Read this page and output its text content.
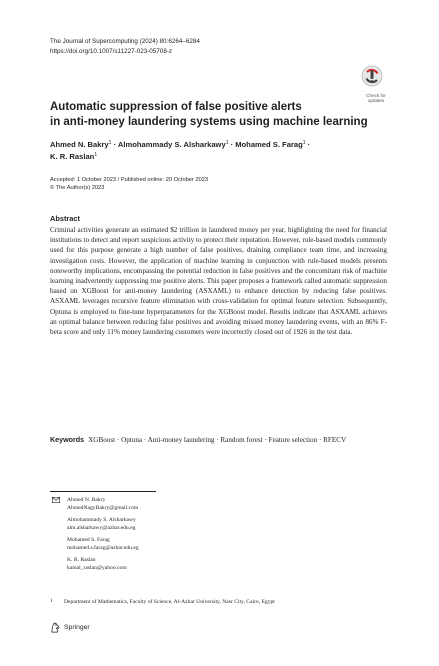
The Journal of Supercomputing (2024) 80:6264–6284
https://doi.org/10.1007/s11227-023-05708-z
Check for
updates
Automatic suppression of false positive alerts
in anti‑money laundering systems using machine learning
Ahmed N. Bakry$^1$ · Almohammady S. Alsharkawy$^1$ · Mohamed S. Farag$^1$ ·
K. R. Raslan$^1$
Accepted: 1 October 2023 / Published online: 20 October 2023
© The Author(s) 2023
Abstract
Criminal activities generate an estimated $2 trillion in laundered money per year, highlighting the need for financial institutions to detect and report suspicious activity to protect their reputation. However, rule-based models commonly used for this purpose generate a high number of false positives, draining compliance team time, and increasing investigation costs. However, the application of machine learning in conjunction with rule-based models presents noteworthy implications, encompassing the potential reduction in false positives and the concomitant risk of machine learning inadvertently suppressing true positive alerts. This paper proposes a framework called automatic suppression based on XGBoost for anti-money laundering (ASXAML) to enhance detection by reducing false positives. ASXAML leverages recursive feature elimination with cross-validation for optimal feature selection. Subsequently, Optuna is employed to fine-tune hyperparameters for the XGBoost model. Results indicate that ASXAML achieves an optimal balance between reducing false positives and avoiding missed money laundering events, with an 86% F-beta score and only 11% money laundering customers were incorrectly closed out of 1926 in the test data.
Keywords XGBoost · Optuna · Anti-money laundering · Random forest · Feature selection · RFECV
Ahmed N. Bakry
AhmedNagyBakry@gmail.com
Almohammady S. Alsharkawy
alm.alsharkawy@azhar.edu.eg
Mohamed S. Farag
mohamed.s.farag@azhar.edu.eg
K. R. Raslan
kamal_raslan@yahoo.com
1 Department of Mathematics, Faculty of Science, Al-Azhar University, Nasr City, Cairo, Egypt
Springer
